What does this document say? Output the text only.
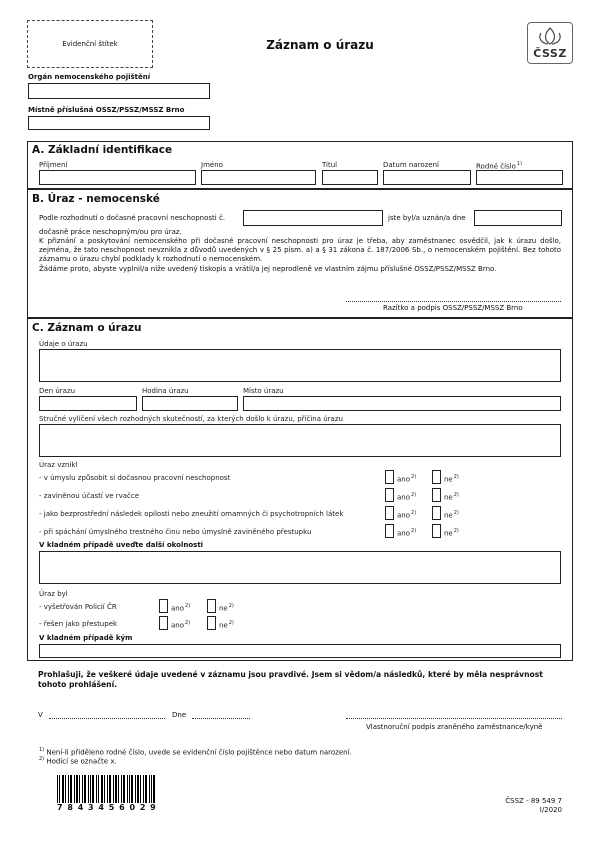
Evidenční štítek	Záznam o úrazu
ČSSZ
Orgán nemocenského pojištění
Místně příslušná OSSZ/PSSZ/MSSZ Brno
A. Základní identifikace
Příjmení	Jméno	Titul	Datum narození	Rodné číslo$^{1)}$
B. Úraz - nemocenské
Podle rozhodnutí o dočasné pracovní neschopnosti č.	jste byl/a uznán/a dne
dočasně práce neschopným/ou pro úraz.
K přiznání a poskytování nemocenského při dočasné pracovní neschopnosti pro úraz je třeba, aby zaměstnanec osvědčil, jak k úrazu došlo, zejména, že tato neschopnost nevznikla z důvodů uvedených v § 25 písm. a) a § 31 zákona č. 187/2006 Sb., o nemocenském pojištění. Bez tohoto záznamu o úrazu chybí podklady k rozhodnutí o nemocenském.
Žádáme proto, abyste vyplnil/a níže uvedený tiskopis a vrátil/a jej neprodleně ve vlastním zájmu příslušné OSSZ/PSSZ/MSSZ Brno.
Razítko a podpis OSSZ/PSSZ/MSSZ Brno
C. Záznam o úrazu
Údaje o úrazu
Den úrazu	Hodina úrazu	Místo úrazu
Stručné vylíčení všech rozhodných skutečností, za kterých došlo k úrazu, příčina úrazu
Úraz vznikl
- v úmyslu způsobit si dočasnou pracovní neschopnost	ano$^{2)}$	$ne^{2)}$
- zaviněnou účastí ve rvačce	ano$^{2)}$	$ne^{2)}$
- jako bezprostřední následek opilosti nebo zneužití omamných či psychotropních látek	ano$^{2)}$	$ne^{2)}$
- při spáchání úmyslného trestného činu nebo úmyslně zaviněného přestupku	ano$^{2)}$	$ne^{2)}$
V kladném případě uveďte další okolnosti
Úraz byl
- vyšetřován Policií ČR	ano$^{2)}$	$ne^{2)}$
- řešen jako přestupek	ano$^{2)}$	$ne^{2)}$
V kladném případě kým
Prohlašuji, že veškeré údaje uvedené v záznamu jsou pravdivé. Jsem si vědom/a následků, které by měla nesprávnost tohoto prohlášení.
V	Dne
Vlastnoruční podpis zraněného zaměstnance/kyně
$^{1)}$ Není-li přiděleno rodné číslo, uvede se evidenční číslo pojištěnce nebo datum narození.
$^{2)}$ Hodící se označte x.
7 8 4 3 4 5 6 0 2 9
ČSSZ - 89 549 7
I/2020
